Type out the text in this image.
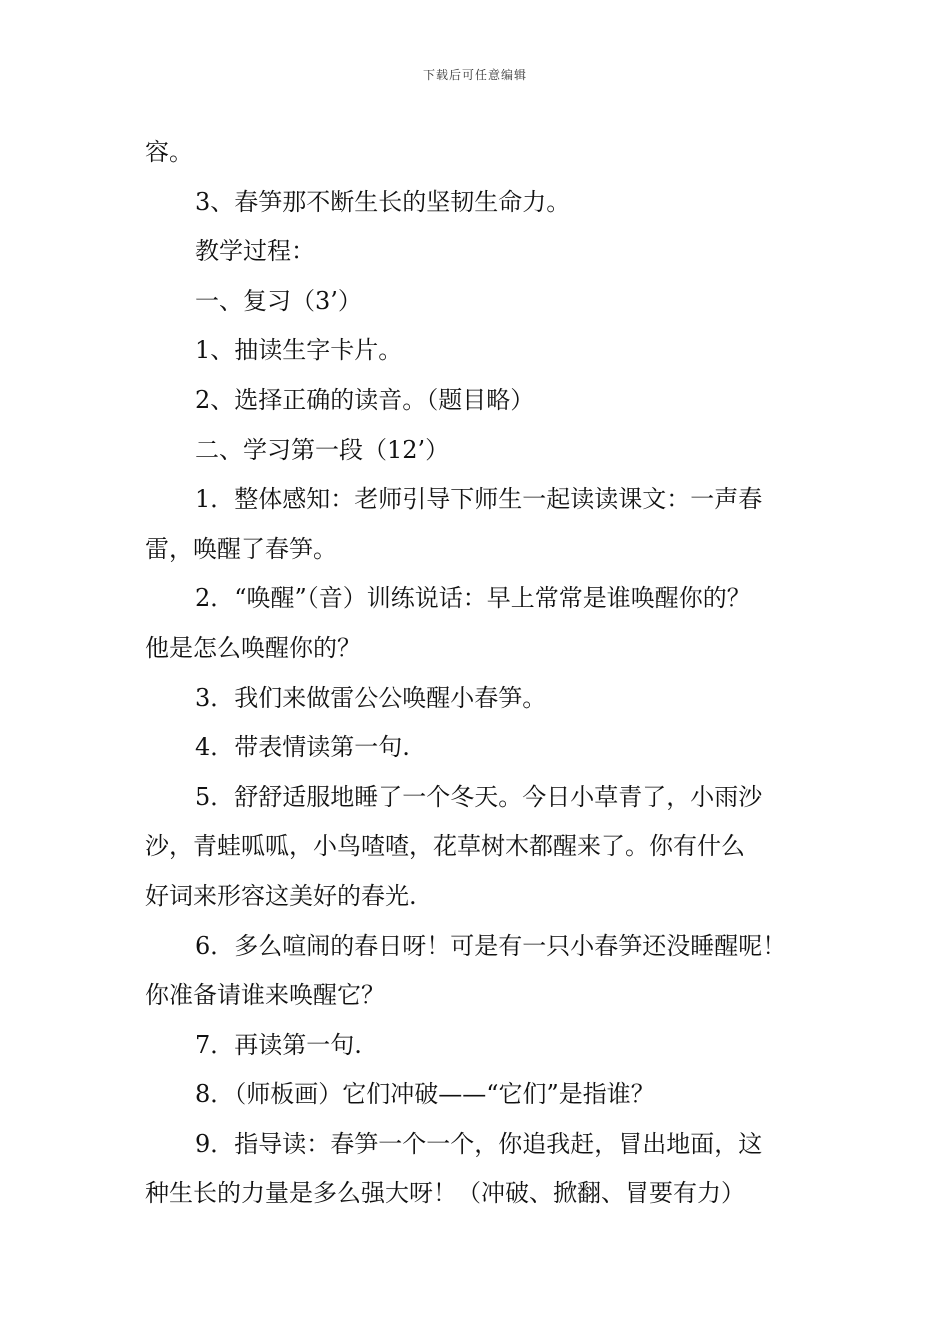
下载后可任意编辑
容。
3、春笋那不断生长的坚韧生命力。
教学过程：
一、复习（3’）
1、抽读生字卡片。
2、选择正确的读音。（题目略）
二、学习第一段（12’）
1．整体感知：老师引导下师生一起读读课文：一声春
雷，唤醒了春笋。
2．“唤醒”（音）训练说话：早上常常是谁唤醒你的？
他是怎么唤醒你的？
3．我们来做雷公公唤醒小春笋。
4．带表情读第一句.
5．舒舒适服地睡了一个冬天。今日小草青了，小雨沙
沙，青蛙呱呱，小鸟喳喳，花草树木都醒来了。你有什么
好词来形容这美好的春光.
6．多么喧闹的春日呀！可是有一只小春笋还没睡醒呢！
你准备请谁来唤醒它？
7．再读第一句.
8．（师板画）它们冲破——“它们”是指谁？
9．指导读：春笋一个一个，你追我赶，冒出地面，这
种生长的力量是多么强大呀！（冲破、掀翻、冒要有力）
